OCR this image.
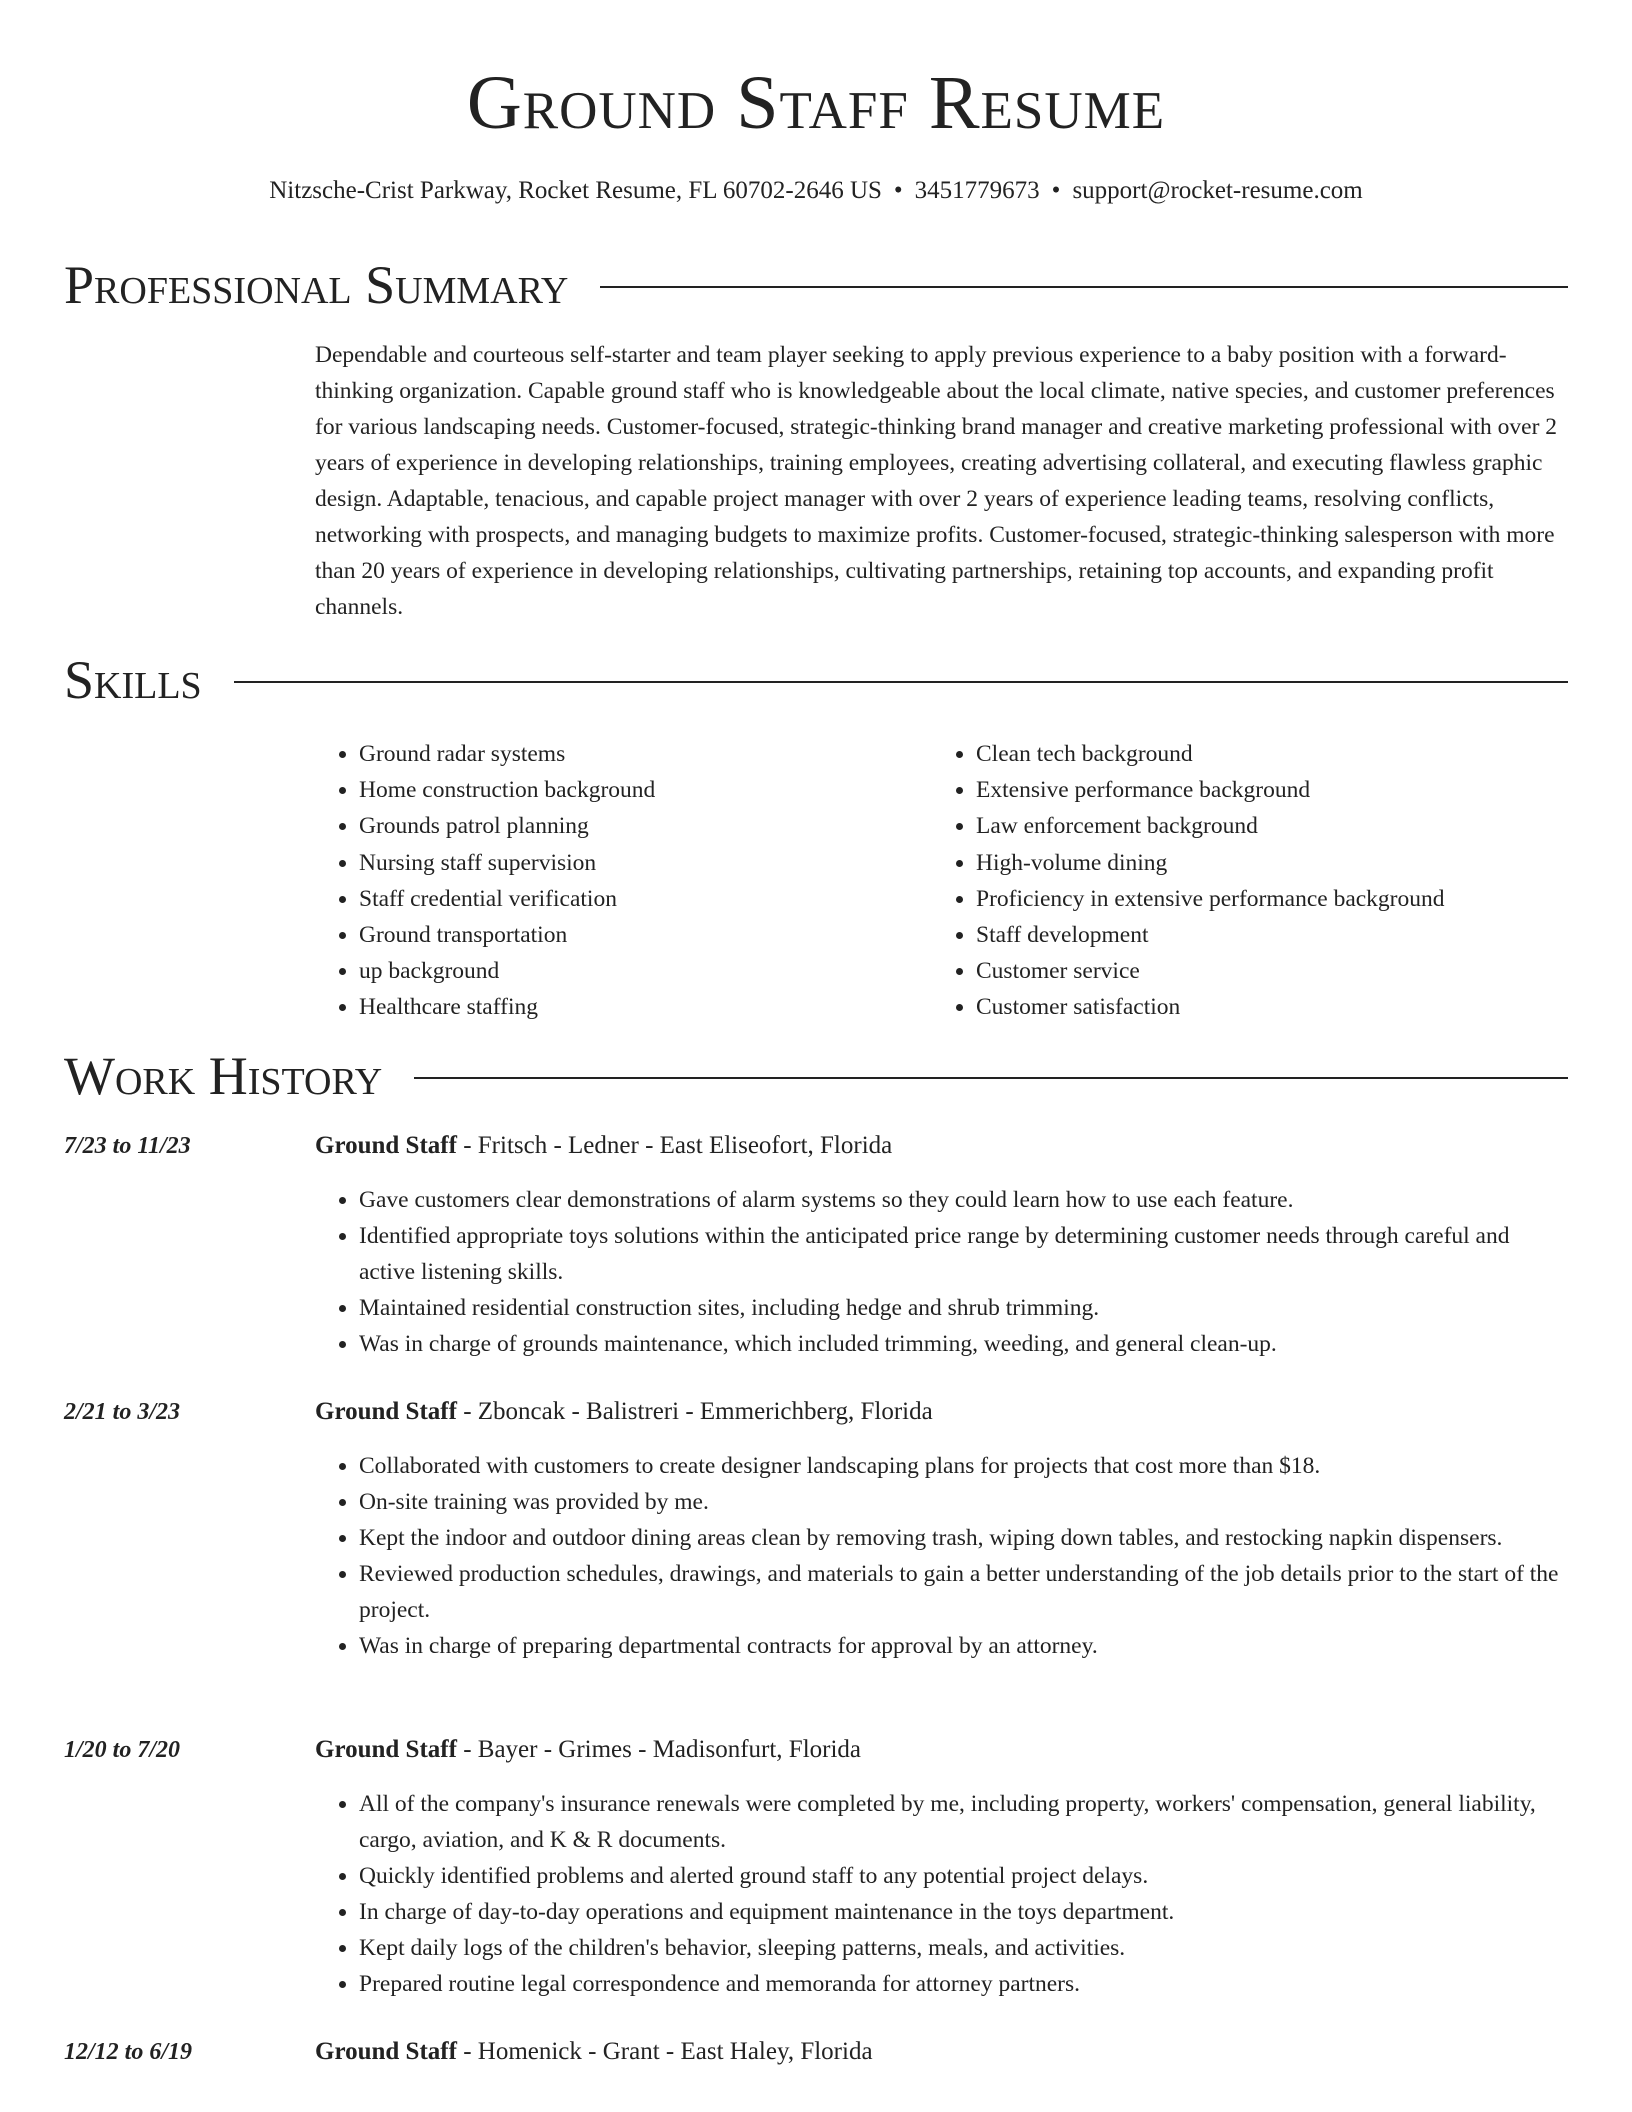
Ground Staff Resume
Nitzsche-Crist Parkway, Rocket Resume, FL 60702-2646 US • 3451779673 • support@rocket-resume.com
Professional Summary

Dependable and courteous self-starter and team player seeking to apply previous experience to a baby position with a forward-thinking organization. Capable ground staff who is knowledgeable about the local climate, native species, and customer preferences for various landscaping needs. Customer-focused, strategic-thinking brand manager and creative marketing professional with over 2 years of experience in developing relationships, training employees, creating advertising collateral, and executing flawless graphic design. Adaptable, tenacious, and capable project manager with over 2 years of experience leading teams, resolving conflicts, networking with prospects, and managing budgets to maximize profits. Customer-focused, strategic-thinking salesperson with more than 20 years of experience in developing relationships, cultivating partnerships, retaining top accounts, and expanding profit channels.

Skills
• Ground radar systems
• Home construction background
• Grounds patrol planning
• Nursing staff supervision
• Staff credential verification
• Ground transportation
• up background
• Healthcare staffing
• Clean tech background
• Extensive performance background
• Law enforcement background
• High-volume dining
• Proficiency in extensive performance background
• Staff development
• Customer service
• Customer satisfaction
Work History
7/23 to 11/23	Ground Staff - Fritsch - Ledner - East Eliseofort, Florida
• Gave customers clear demonstrations of alarm systems so they could learn how to use each feature.
• Identified appropriate toys solutions within the anticipated price range by determining customer needs through careful and active listening skills.
• Maintained residential construction sites, including hedge and shrub trimming.
• Was in charge of grounds maintenance, which included trimming, weeding, and general clean-up.
2/21 to 3/23	Ground Staff - Zboncak - Balistreri - Emmerichberg, Florida
• Collaborated with customers to create designer landscaping plans for projects that cost more than $18.
• On-site training was provided by me.
• Kept the indoor and outdoor dining areas clean by removing trash, wiping down tables, and restocking napkin dispensers.
• Reviewed production schedules, drawings, and materials to gain a better understanding of the job details prior to the start of the project.
• Was in charge of preparing departmental contracts for approval by an attorney.
1/20 to 7/20	Ground Staff - Bayer - Grimes - Madisonfurt, Florida
• All of the company's insurance renewals were completed by me, including property, workers' compensation, general liability, cargo, aviation, and K & R documents.
• Quickly identified problems and alerted ground staff to any potential project delays.
• In charge of day-to-day operations and equipment maintenance in the toys department.
• Kept daily logs of the children's behavior, sleeping patterns, meals, and activities.
• Prepared routine legal correspondence and memoranda for attorney partners.
12/12 to 6/19	Ground Staff - Homenick - Grant - East Haley, Florida
